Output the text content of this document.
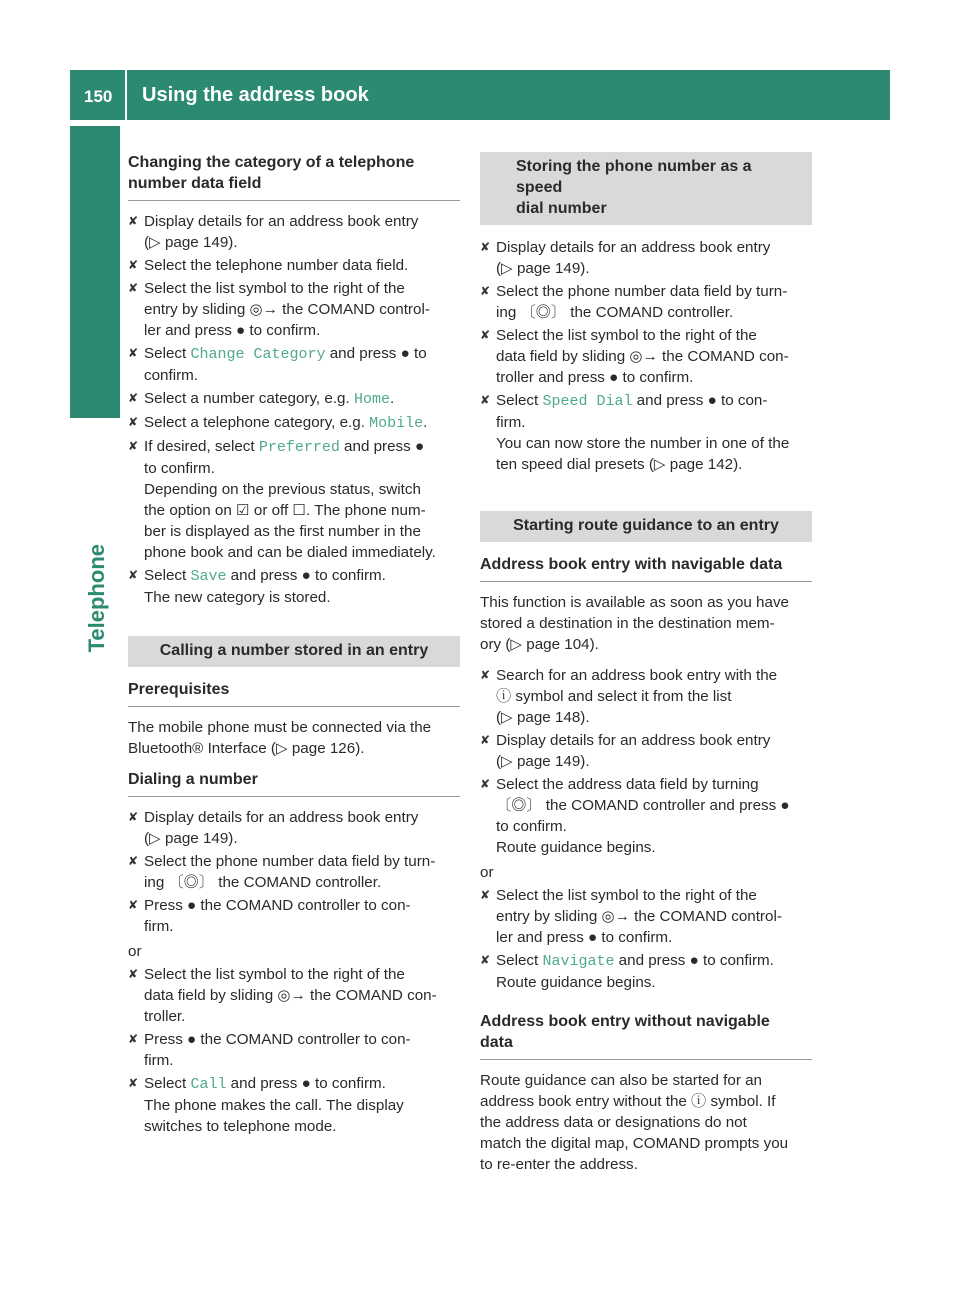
150 Using the address book
Telephone
Changing the category of a telephone
number data field
✘ Display details for an address book entry
(▷ page 149).
✘ Select the telephone number data field.
✘ Select the list symbol to the right of the
entry by sliding ◎→ the COMAND control-
ler and press ● to confirm.
✘ Select Change Category and press ● to
confirm.
✘ Select a number category, e.g. Home.
✘ Select a telephone category, e.g. Mobile.
✘ If desired, select Preferred and press ●
to confirm.
Depending on the previous status, switch
the option on ☑ or off ☐. The phone num-
ber is displayed as the first number in the
phone book and can be dialed immediately.
✘ Select Save and press ● to confirm.
The new category is stored.
Calling a number stored in an entry
Prerequisites

The mobile phone must be connected via the
Bluetooth® Interface (▷ page 126).

Dialing a number
✘ Display details for an address book entry
(▷ page 149).
✘ Select the phone number data field by turn-
ing 〔◎〕 the COMAND controller.
✘ Press ● the COMAND controller to con-
firm.
or
✘ Select the list symbol to the right of the
data field by sliding ◎→ the COMAND con-
troller.
✘ Press ● the COMAND controller to con-
firm.
✘ Select Call and press ● to confirm.
The phone makes the call. The display
switches to telephone mode.
Storing the phone number as a speed
dial number
✘ Display details for an address book entry
(▷ page 149).
✘ Select the phone number data field by turn-
ing 〔◎〕 the COMAND controller.
✘ Select the list symbol to the right of the
data field by sliding ◎→ the COMAND con-
troller and press ● to confirm.
✘ Select Speed Dial and press ● to con-
firm.
You can now store the number in one of the
ten speed dial presets (▷ page 142).
Starting route guidance to an entry
Address book entry with navigable data

This function is available as soon as you have
stored a destination in the destination mem-
ory (▷ page 104).

✘ Search for an address book entry with the
ⓘ symbol and select it from the list
(▷ page 148).
✘ Display details for an address book entry
(▷ page 149).
✘ Select the address data field by turning
〔◎〕 the COMAND controller and press ●
to confirm.
Route guidance begins.
or
✘ Select the list symbol to the right of the
entry by sliding ◎→ the COMAND control-
ler and press ● to confirm.
✘ Select Navigate and press ● to confirm.
Route guidance begins.
Address book entry without navigable
data

Route guidance can also be started for an
address book entry without the ⓘ symbol. If
the address data or designations do not
match the digital map, COMAND prompts you
to re-enter the address.
